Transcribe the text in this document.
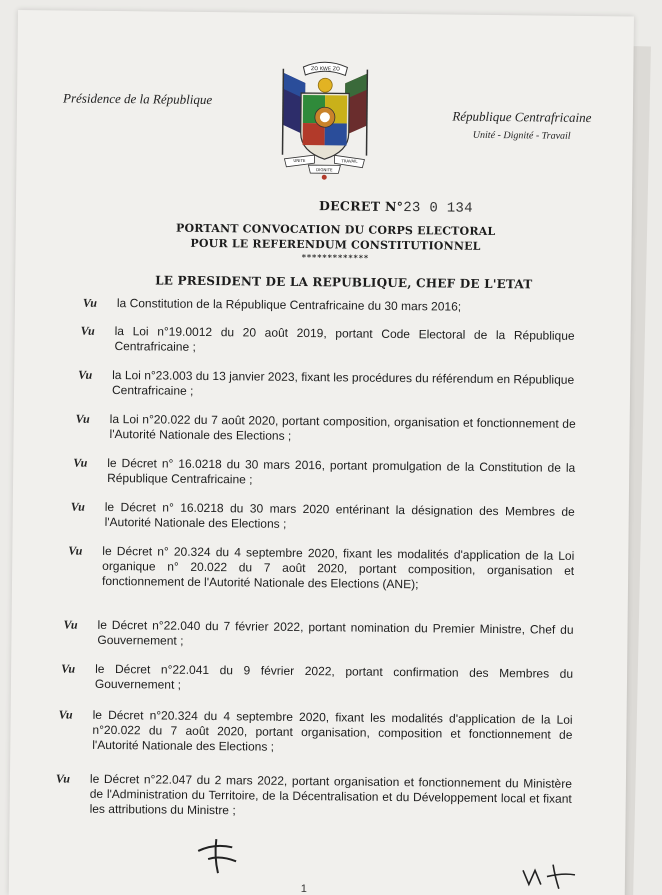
Présidence de la République
ZO KWE ZO
UNITE	TRAVAIL
DIGNITE
République Centrafricaine
Unité - Dignité - Travail
DECRET N°23 0 134
PORTANT CONVOCATION DU CORPS ELECTORAL
POUR LE REFERENDUM CONSTITUTIONNEL
*************
LE PRESIDENT DE LA REPUBLIQUE, CHEF DE L'ETAT
Vu	la Constitution de la République Centrafricaine du 30 mars 2016;
Vu	la Loi n°19.0012 du 20 août 2019, portant Code Electoral de la République Centrafricaine ;
Vu	la Loi n°23.003 du 13 janvier 2023, fixant les procédures du référendum en République Centrafricaine ;
Vu	la Loi n°20.022 du 7 août 2020, portant composition, organisation et fonctionnement de l'Autorité Nationale des Elections ;
Vu	le Décret n° 16.0218 du 30 mars 2016, portant promulgation de la Constitution de la République Centrafricaine ;
Vu	le Décret n° 16.0218 du 30 mars 2020 entérinant la désignation des Membres de l'Autorité Nationale des Elections ;
Vu	le Décret n° 20.324 du 4 septembre 2020, fixant les modalités d'application de la Loi organique n° 20.022 du 7 août 2020, portant composition, organisation et fonctionnement de l'Autorité Nationale des Elections (ANE);
Vu	le Décret n°22.040 du 7 février 2022, portant nomination du Premier Ministre, Chef du Gouvernement ;
Vu	le Décret n°22.041 du 9 février 2022, portant confirmation des Membres du Gouvernement ;
Vu	le Décret n°20.324 du 4 septembre 2020, fixant les modalités d'application de la Loi n°20.022 du 7 août 2020, portant organisation, composition et fonctionnement de l'Autorité Nationale des Elections ;
Vu	le Décret n°22.047 du 2 mars 2022, portant organisation et fonctionnement du Ministère de l'Administration du Territoire, de la Décentralisation et du Développement local et fixant les attributions du Ministre ;
1
